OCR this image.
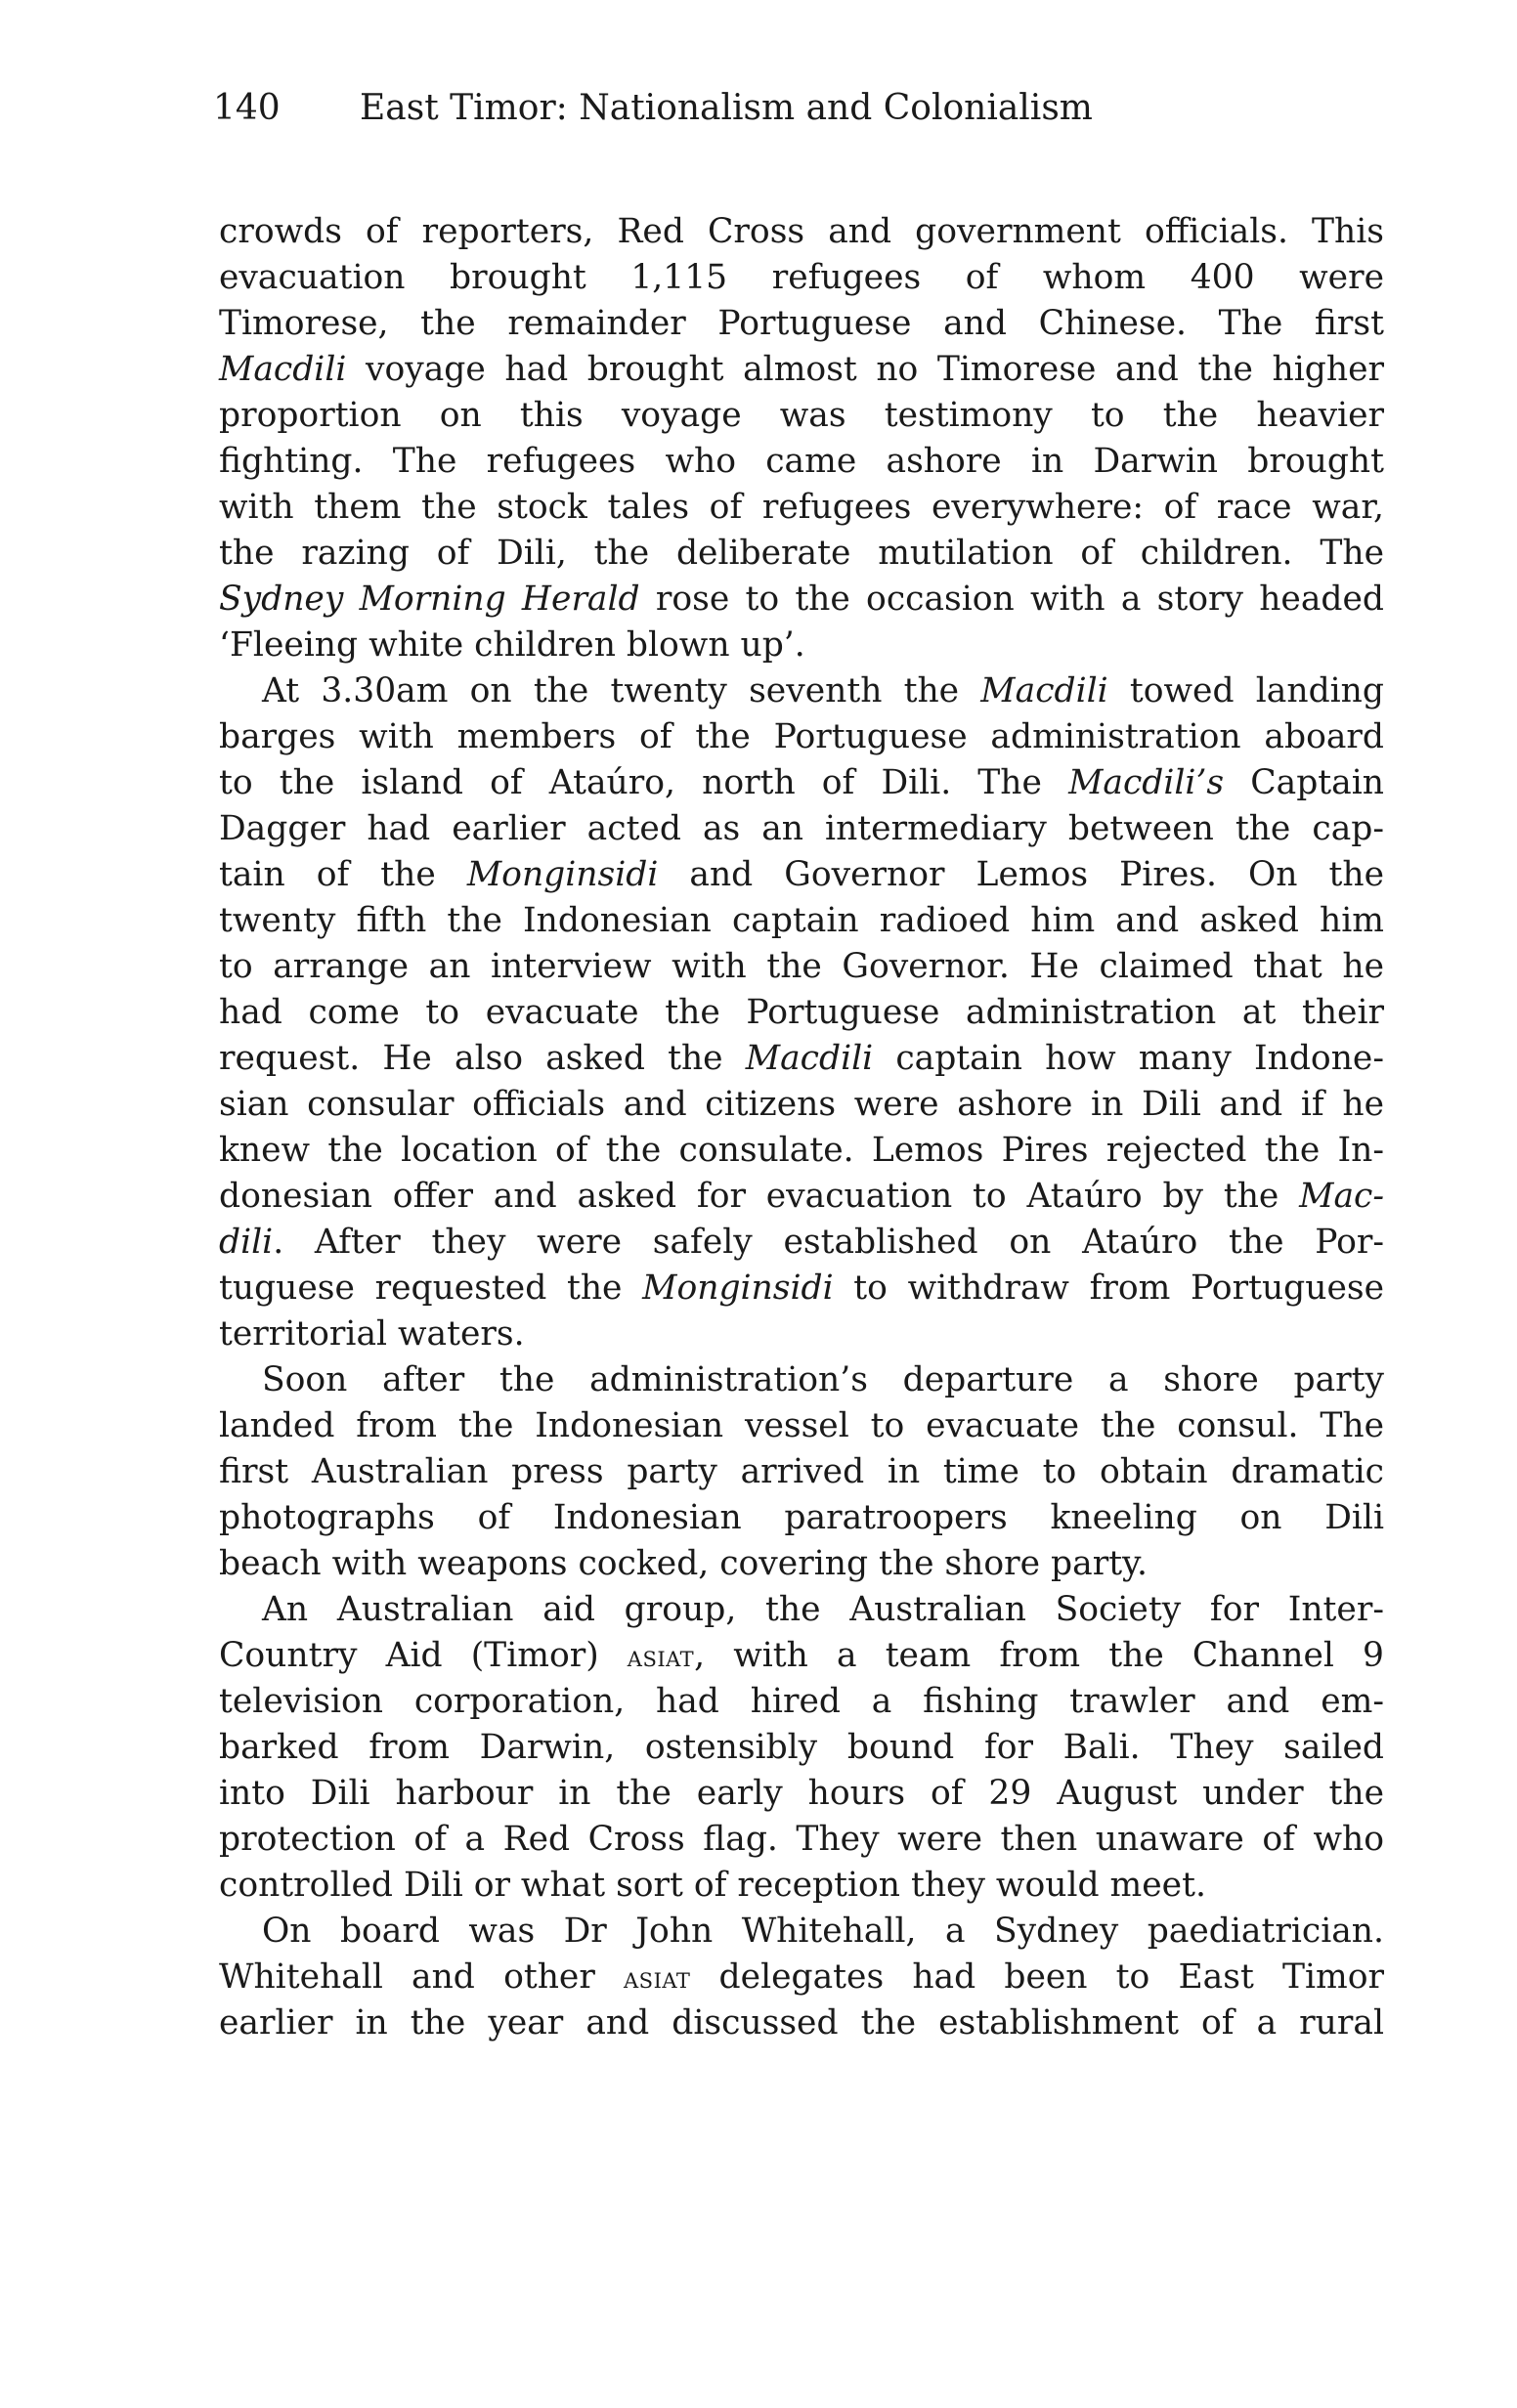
140 East Timor: Nationalism and Colonialism
crowds of reporters, Red Cross and government officials. This
evacuation brought 1,115 refugees of whom 400 were
Timorese, the remainder Portuguese and Chinese. The first
Macdili voyage had brought almost no Timorese and the higher
proportion on this voyage was testimony to the heavier
fighting. The refugees who came ashore in Darwin brought
with them the stock tales of refugees everywhere: of race war,
the razing of Dili, the deliberate mutilation of children. The
Sydney Morning Herald rose to the occasion with a story headed
‘Fleeing white children blown up’.
At 3.30am on the twenty seventh the Macdili towed landing
barges with members of the Portuguese administration aboard
to the island of Ataúro, north of Dili. The Macdili’s Captain
Dagger had earlier acted as an intermediary between the cap-
tain of the Monginsidi and Governor Lemos Pires. On the
twenty fifth the Indonesian captain radioed him and asked him
to arrange an interview with the Governor. He claimed that he
had come to evacuate the Portuguese administration at their
request. He also asked the Macdili captain how many Indone-
sian consular officials and citizens were ashore in Dili and if he
knew the location of the consulate. Lemos Pires rejected the In-
donesian offer and asked for evacuation to Ataúro by the Mac-
dili. After they were safely established on Ataúro the Por-
tuguese requested the Monginsidi to withdraw from Portuguese
territorial waters.
Soon after the administration’s departure a shore party
landed from the Indonesian vessel to evacuate the consul. The
first Australian press party arrived in time to obtain dramatic
photographs of Indonesian paratroopers kneeling on Dili
beach with weapons cocked, covering the shore party.
An Australian aid group, the Australian Society for Inter-
Country Aid (Timor) asiat, with a team from the Channel 9
television corporation, had hired a fishing trawler and em-
barked from Darwin, ostensibly bound for Bali. They sailed
into Dili harbour in the early hours of 29 August under the
protection of a Red Cross flag. They were then unaware of who
controlled Dili or what sort of reception they would meet.
On board was Dr John Whitehall, a Sydney paediatrician.
Whitehall and other asiat delegates had been to East Timor
earlier in the year and discussed the establishment of a rural
